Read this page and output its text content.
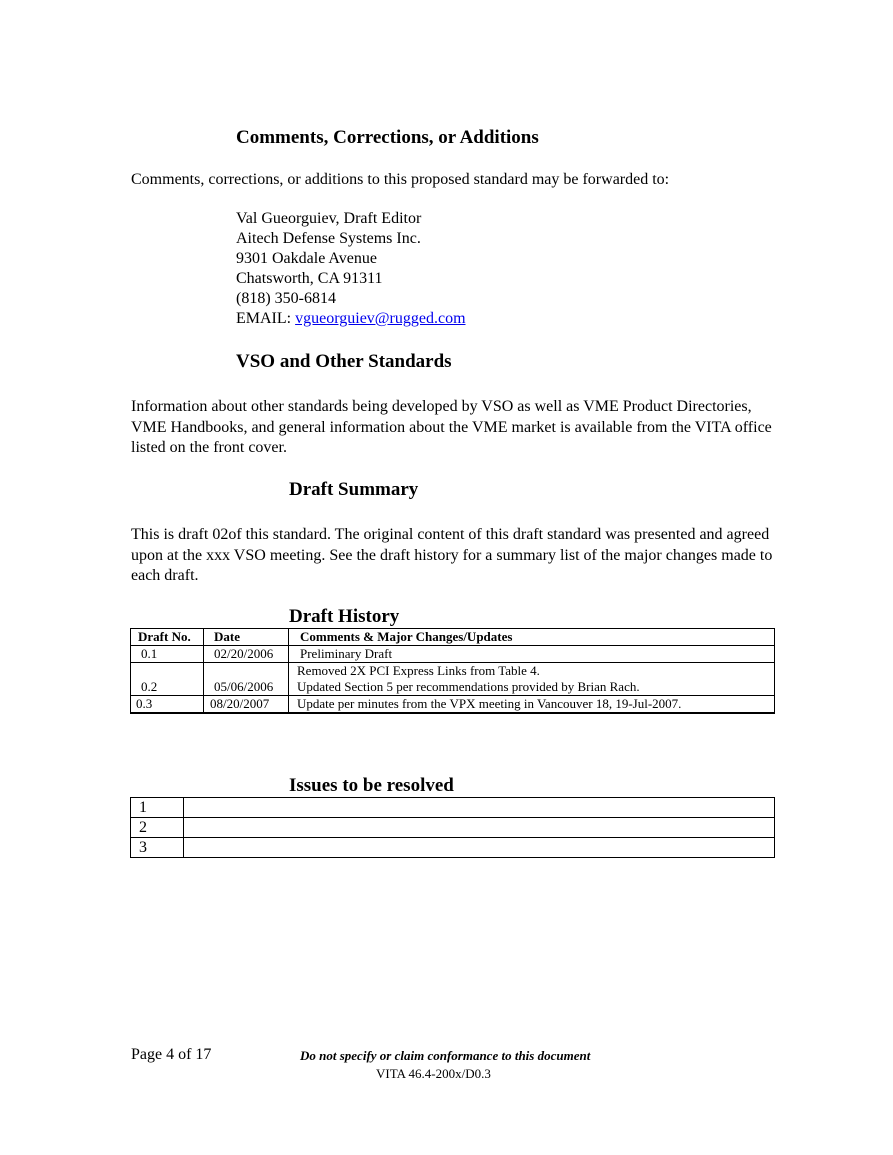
Comments, Corrections, or Additions

Comments, corrections, or additions to this proposed standard may be forwarded to:

Val Gueorguiev, Draft Editor
Aitech Defense Systems Inc.
9301 Oakdale Avenue
Chatsworth, CA 91311
(818) 350-6814
EMAIL: vgueorguiev@rugged.com
VSO and Other Standards

Information about other standards being developed by VSO as well as VME Product Directories, VME Handbooks, and general information about the VME market is available from the VITA office listed on the front cover.

Draft Summary

This is draft 02of this standard. The original content of this draft standard was presented and agreed upon at the xxx VSO meeting. See the draft history for a summary list of the major changes made to each draft.

Draft History
Draft No.	Date	Comments & Major Changes/Updates
0.1	02/20/2006	Preliminary Draft
0.2	05/06/2006	Removed 2X PCI Express Links from Table 4.
Updated Section 5 per recommendations provided by Brian Rach.

0.3	08/20/2007	Update per minutes from the VPX meeting in Vancouver 18, 19-Jul-2007.

Issues to be resolved
1	
2	
3	
Page 4 of 17	Do not specify or claim conformance to this document
VITA 46.4-200x/D0.3
